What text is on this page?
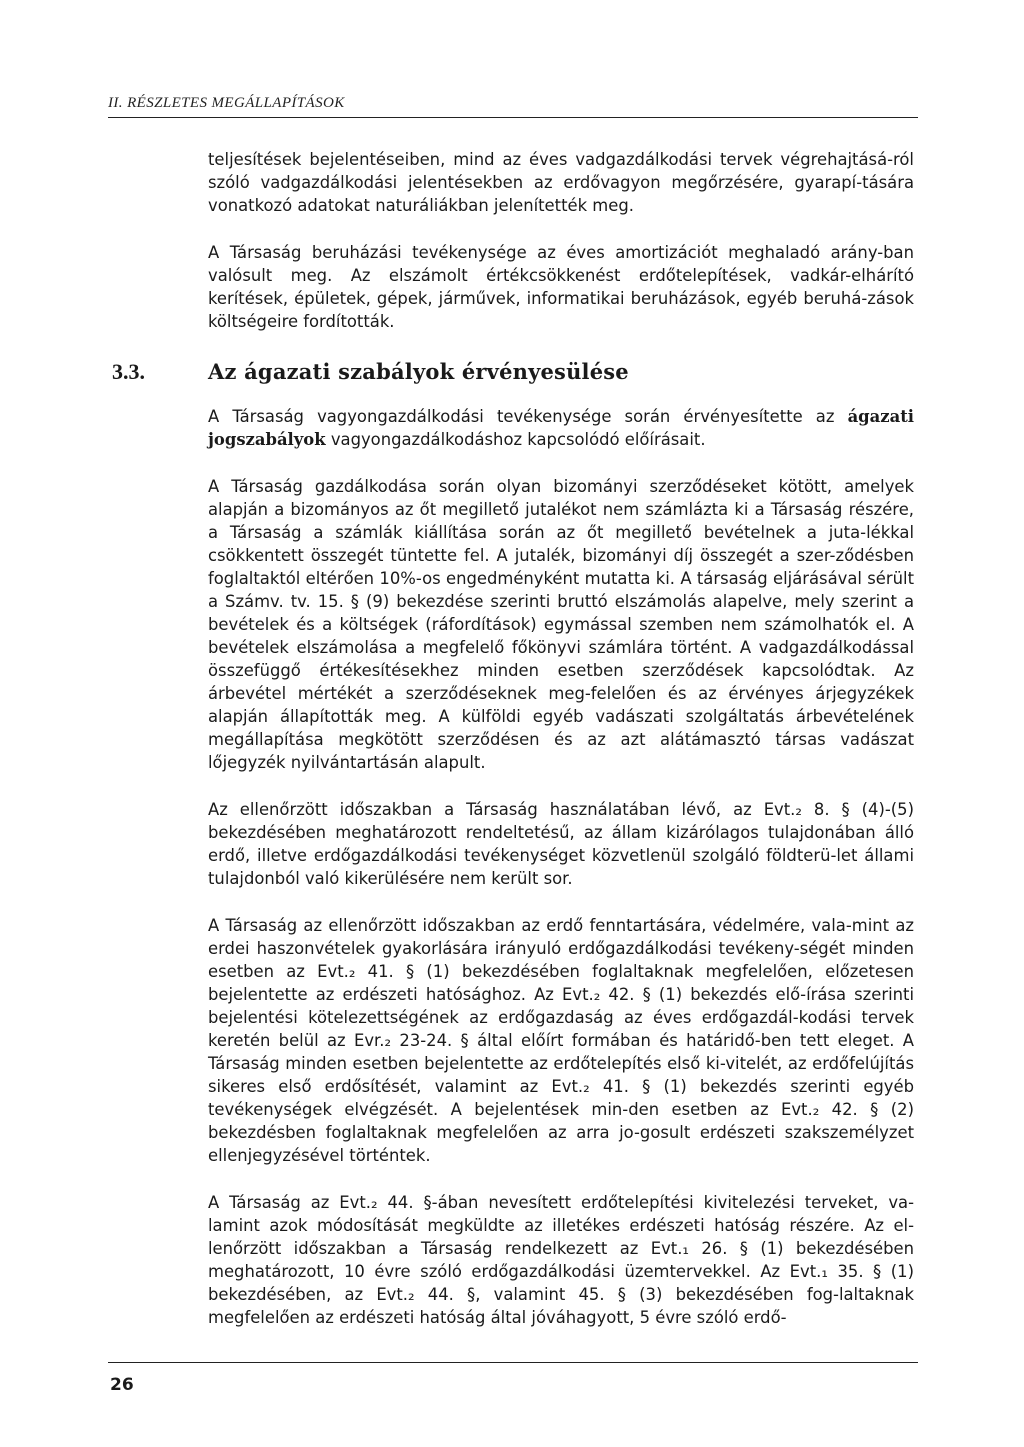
II. RÉSZLETES MEGÁLLAPÍTÁSOK

teljesítések bejelentéseiben, mind az éves vadgazdálkodási tervek végrehajtásá-ról szóló vadgazdálkodási jelentésekben az erdővagyon megőrzésére, gyarapí-tására vonatkozó adatokat naturáliákban jelenítették meg.

A Társaság beruházási tevékenysége az éves amortizációt meghaladó arány-ban valósult meg. Az elszámolt értékcsökkenést erdőtelepítések, vadkár-elhárító kerítések, épületek, gépek, járművek, informatikai beruházások, egyéb beruhá-zások költségeire fordították.

3.3.	Az ágazati szabályok érvényesülése

A Társaság vagyongazdálkodási tevékenysége során érvényesítette az ágazati jogszabályok vagyongazdálkodáshoz kapcsolódó előírásait.

A Társaság gazdálkodása során olyan bizományi szerződéseket kötött, amelyek alapján a bizományos az őt megillető jutalékot nem számlázta ki a Társaság részére, a Társaság a számlák kiállítása során az őt megillető bevételnek a juta-lékkal csökkentett összegét tüntette fel. A jutalék, bizományi díj összegét a szer-ződésben foglaltaktól eltérően 10%-os engedményként mutatta ki. A társaság eljárásával sérült a Számv. tv. 15. § (9) bekezdése szerinti bruttó elszámolás alapelve, mely szerint a bevételek és a költségek (ráfordítások) egymással szemben nem számolhatók el. A bevételek elszámolása a megfelelő főkönyvi számlára történt. A vadgazdálkodással összefüggő értékesítésekhez minden esetben szerződések kapcsolódtak. Az árbevétel mértékét a szerződéseknek meg-felelően és az érvényes árjegyzékek alapján állapították meg. A külföldi egyéb vadászati szolgáltatás árbevételének megállapítása megkötött szerződésen és az azt alátámasztó társas vadászat lőjegyzék nyilvántartásán alapult.

Az ellenőrzött időszakban a Társaság használatában lévő, az Evt.₂ 8. § (4)-(5) bekezdésében meghatározott rendeltetésű, az állam kizárólagos tulajdonában álló erdő, illetve erdőgazdálkodási tevékenységet közvetlenül szolgáló földterü-let állami tulajdonból való kikerülésére nem került sor.

A Társaság az ellenőrzött időszakban az erdő fenntartására, védelmére, vala-mint az erdei haszonvételek gyakorlására irányuló erdőgazdálkodási tevékeny-ségét minden esetben az Evt.₂ 41. § (1) bekezdésében foglaltaknak megfelelően, előzetesen bejelentette az erdészeti hatósághoz. Az Evt.₂ 42. § (1) bekezdés elő-írása szerinti bejelentési kötelezettségének az erdőgazdaság az éves erdőgazdál-kodási tervek keretén belül az Evr.₂ 23-24. § által előírt formában és határidő-ben tett eleget. A Társaság minden esetben bejelentette az erdőtelepítés első ki-vitelét, az erdőfelújítás sikeres első erdősítését, valamint az Evt.₂ 41. § (1) bekezdés szerinti egyéb tevékenységek elvégzését. A bejelentések min-den esetben az Evt.₂ 42. § (2) bekezdésben foglaltaknak megfelelően az arra jo-gosult erdészeti szakszemélyzet ellenjegyzésével történtek.

A Társaság az Evt.₂ 44. §-ában nevesített erdőtelepítési kivitelezési terveket, va-lamint azok módosítását megküldte az illetékes erdészeti hatóság részére. Az el-lenőrzött időszakban a Társaság rendelkezett az Evt.₁ 26. § (1) bekezdésében meghatározott, 10 évre szóló erdőgazdálkodási üzemtervekkel. Az Evt.₁ 35. § (1) bekezdésében, az Evt.₂ 44. §, valamint 45. § (3) bekezdésében fog-laltaknak megfelelően az erdészeti hatóság által jóváhagyott, 5 évre szóló erdő-

26
